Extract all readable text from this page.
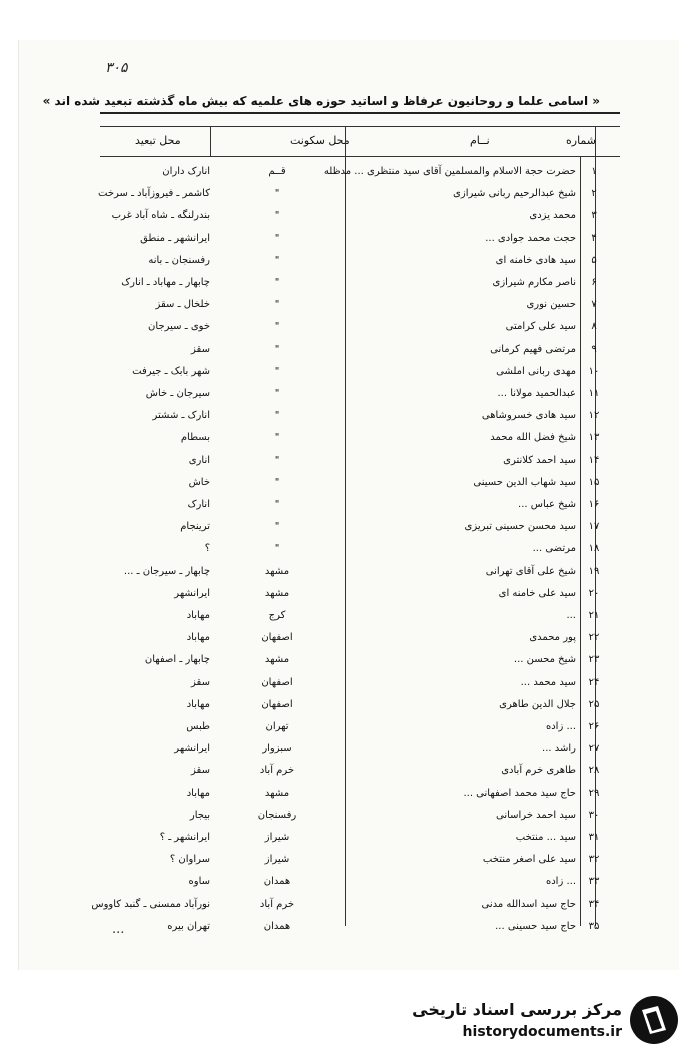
۳۰۵
« اسامی علما و روحانیون عرفاظ و اساتید حوزه های علمیه که بیش ماه گذشته تبعید شده اند »
شماره
نــام
محل سکونت
محل تبعید
۱
حضرت حجة الاسلام والمسلمین آقای سید منتظری ... مدظله
قــم
انارک داران
۲
شیخ عبدالرحیم ربانی شیرازی
"
کاشمر ـ فیروزآباد ـ سرخت
۳
محمد یزدی
"
بندرلنگه ـ شاه آباد غرب
۴
حجت محمد جوادی ...
"
ایرانشهر ـ منطق
۵
سید هادی خامنه ای
"
رفسنجان ـ بانه
۶
ناصر مکارم شیرازی
"
چابهار ـ مهاباد ـ انارک
۷
حسین نوری
"
خلخال ـ سقز
۸
سید علی کرامتی
"
خوی ـ سیرجان
۹
مرتضی فهیم کرمانی
"
سقز
۱۰
مهدی ربانی املشی
"
شهر بابک ـ جیرفت
۱۱
عبدالحمید مولانا ...
"
سیرجان ـ خاش
۱۲
سید هادی خسروشاهی
"
انارک ـ ششتر
۱۳
شیخ فضل الله محمد
"
بسطام
۱۴
سید احمد کلانتری
"
اناری
۱۵
سید شهاب الدین حسینی
"
خاش
۱۶
شیخ عباس ...
"
انارک
۱۷
سید محسن حسینی تبریزی
"
ترینجام
۱۸
مرتضی ...
"
؟
۱۹
شیخ علی آقای تهرانی
مشهد
چابهار ـ سیرجان ـ ...
۲۰
سید علی خامنه ای
مشهد
ایرانشهر
۲۱
...
کرج
مهاباد
۲۲
پور محمدی
اصفهان
مهاباد
۲۳
شیخ محسن ...
مشهد
چابهار ـ اصفهان
۲۴
سید محمد ...
اصفهان
سقز
۲۵
جلال الدین طاهری
اصفهان
مهاباد
۲۶
... زاده
تهران
طبس
۲۷
راشد ...
سبزوار
ایرانشهر
۲۸
طاهری خرم آبادی
خرم آباد
سقز
۲۹
حاج سید محمد اصفهانی ...
مشهد
مهاباد
۳۰
سید احمد خراسانی
رفسنجان
بیجار
۳۱
سید ... منتخب
شیراز
ایرانشهر ـ ؟
۳۲
سید علی اصغر منتخب
شیراز
سراوان ؟
۳۳
... زاده
همدان
ساوه
۳۴
حاج سید اسدالله مدنی
خرم آباد
نورآباد ممسنی ـ گنبد کاووس
۳۵
حاج سید حسینی ...
همدان
تهران بیره
...
مرکز بررسی اسناد تاریخی
historydocuments.ir
